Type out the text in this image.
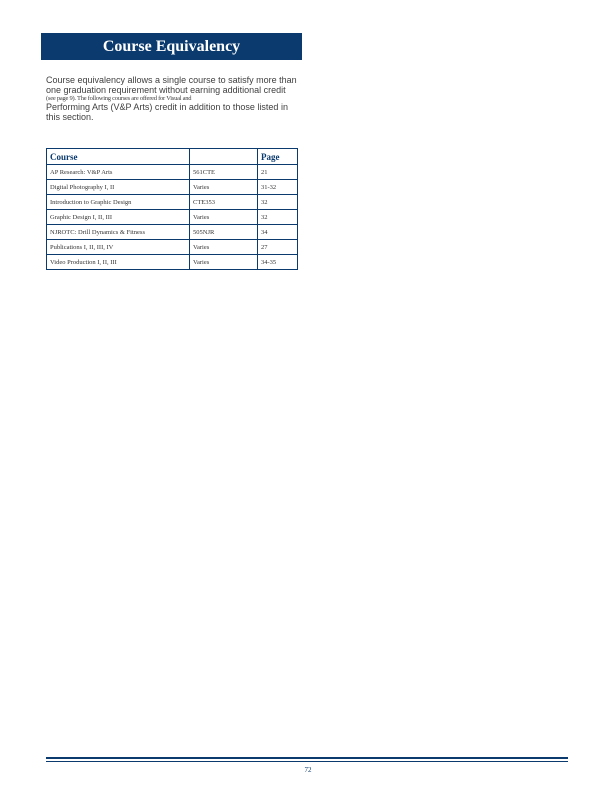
Course Equivalency
Course equivalency allows a single course to satisfy more than
one graduation requirement without earning additional credit
(see page 9). The following courses are offered for Visual and
Performing Arts (V&P Arts) credit in addition to those listed in
this section.
Course		Page
AP Research: V&P Arts	561CTE	21
Digital Photography I, II	Varies	31-32
Introduction to Graphic Design	CTE353	32
Graphic Design I, II, III	Varies	32
NJROTC: Drill Dynamics & Fitness	505NJR	34
Publications I, II, III, IV	Varies	27
Video Production I, II, III	Varies	34-35
72
